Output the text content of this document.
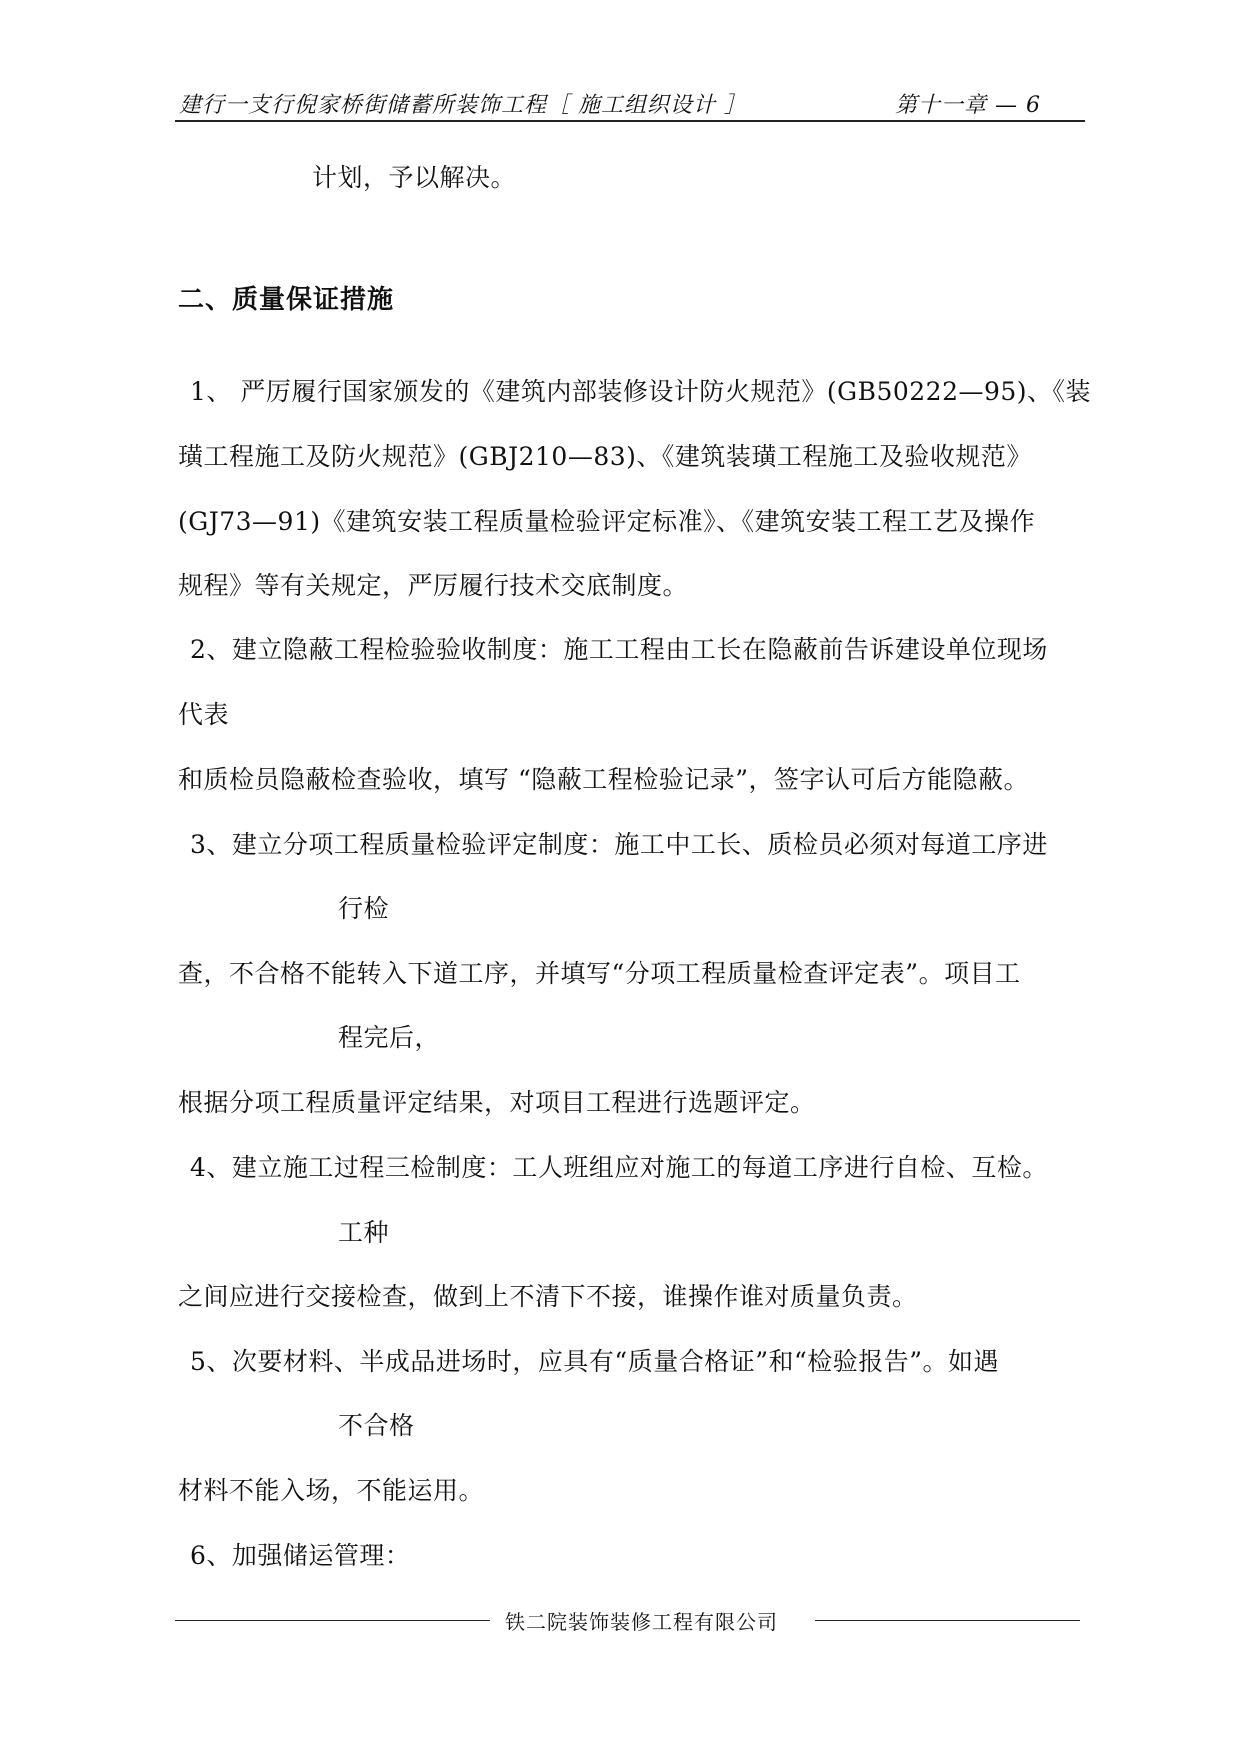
建行一支行倪家桥街储蓄所装饰工程［ 施工组织设计 ］	第十一章 — 6
计划，予以解决。
二、质量保证措施
1、 严厉履行国家颁发的《建筑内部装修设计防火规范》(GB50222—95)、《装
璜工程施工及防火规范》(GBJ210—83)、《建筑装璜工程施工及验收规范》
(GJ73—91)《建筑安装工程质量检验评定标准》、《建筑安装工程工艺及操作
规程》等有关规定，严厉履行技术交底制度。
2、建立隐蔽工程检验验收制度：施工工程由工长在隐蔽前告诉建设单位现场
代表
和质检员隐蔽检查验收，填写 “隐蔽工程检验记录”，签字认可后方能隐蔽。
3、建立分项工程质量检验评定制度：施工中工长、质检员必须对每道工序进
行检
查，不合格不能转入下道工序，并填写“分项工程质量检查评定表”。项目工
程完后，
根据分项工程质量评定结果，对项目工程进行选题评定。
4、建立施工过程三检制度：工人班组应对施工的每道工序进行自检、互检。
工种
之间应进行交接检查，做到上不清下不接，谁操作谁对质量负责。
5、次要材料、半成品进场时，应具有“质量合格证”和“检验报告”。如遇
不合格
材料不能入场，不能运用。
6、加强储运管理：
铁二院装饰装修工程有限公司
